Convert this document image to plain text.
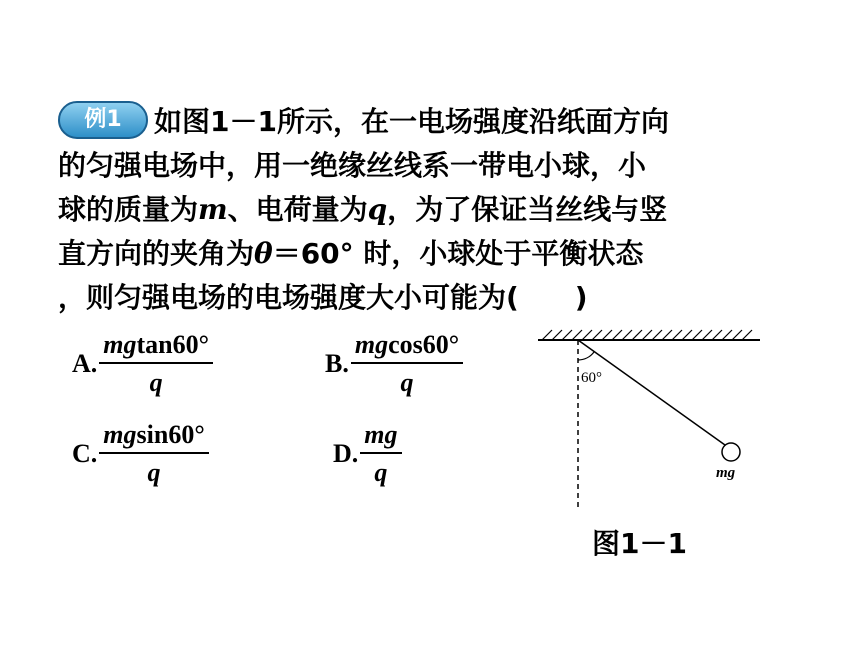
例1 如图1－1所示，在一电场强度沿纸面方向
的匀强电场中，用一绝缘丝线系一带电小球，小
球的质量为m、电荷量为q，为了保证当丝线与竖
直方向的夹角为θ＝60° 时，小球处于平衡状态
，则匀强电场的电场强度大小可能为(　　)
A. $\frac{mgtan60^\circ}{q}$	B. $\frac{mgcos60^\circ}{q}$
C. $\frac{mgsin60^\circ}{q}$	D. $\frac{mg}{q}$
60°
mg
图1－1
